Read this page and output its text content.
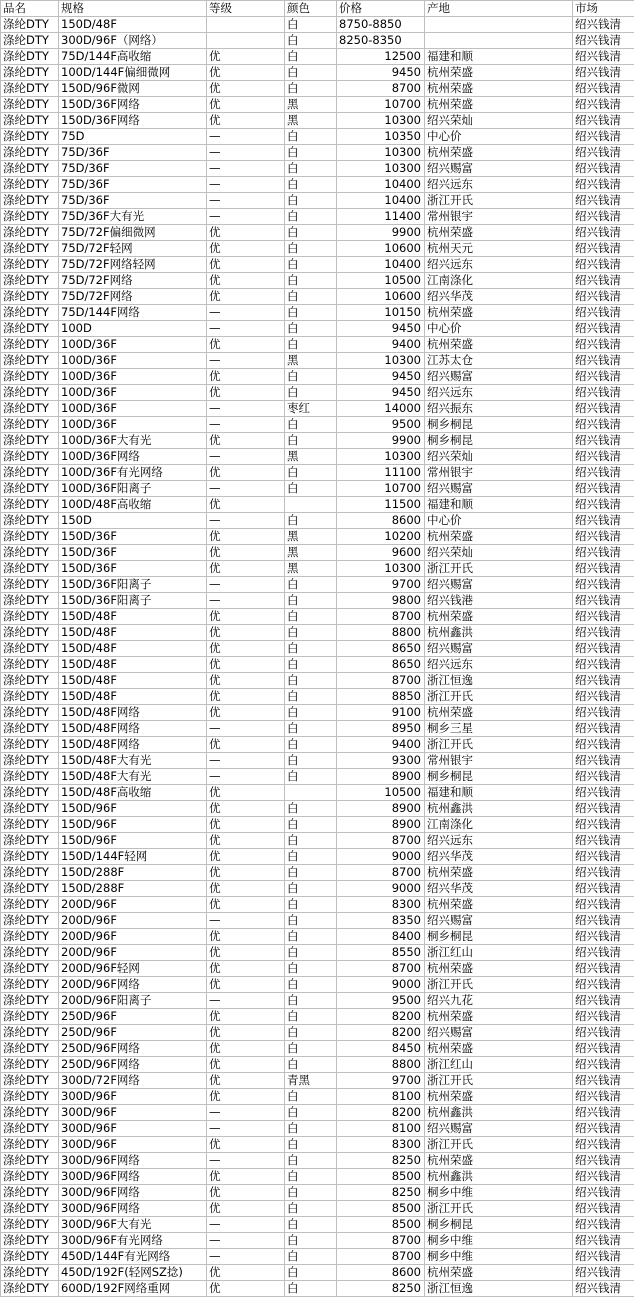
品名	规格	等级	颜色	价格	产地	市场
涤纶DTY	150D/48F		白	8750-8850		绍兴钱清
涤纶DTY	300D/96F（网络）		白	8250-8350		绍兴钱清
涤纶DTY	75D/144F高收缩	优	白	12500	福建和顺	绍兴钱清
涤纶DTY	100D/144F偏细微网	优	白	9450	杭州荣盛	绍兴钱清
涤纶DTY	150D/96F微网	优	白	8700	杭州荣盛	绍兴钱清
涤纶DTY	150D/36F网络	优	黑	10700	杭州荣盛	绍兴钱清
涤纶DTY	150D/36F网络	优	黑	10300	绍兴荣灿	绍兴钱清
涤纶DTY	75D	—	白	10350	中心价	绍兴钱清
涤纶DTY	75D/36F	—	白	10300	杭州荣盛	绍兴钱清
涤纶DTY	75D/36F	—	白	10300	绍兴赐富	绍兴钱清
涤纶DTY	75D/36F	—	白	10400	绍兴远东	绍兴钱清
涤纶DTY	75D/36F	—	白	10400	浙江开氏	绍兴钱清
涤纶DTY	75D/36F大有光	—	白	11400	常州银宇	绍兴钱清
涤纶DTY	75D/72F偏细微网	优	白	9900	杭州荣盛	绍兴钱清
涤纶DTY	75D/72F轻网	优	白	10600	杭州天元	绍兴钱清
涤纶DTY	75D/72F网络轻网	优	白	10400	绍兴远东	绍兴钱清
涤纶DTY	75D/72F网络	优	白	10500	江南涤化	绍兴钱清
涤纶DTY	75D/72F网络	优	白	10600	绍兴华茂	绍兴钱清
涤纶DTY	75D/144F网络	—	白	10150	杭州荣盛	绍兴钱清
涤纶DTY	100D	—	白	9450	中心价	绍兴钱清
涤纶DTY	100D/36F	优	白	9400	杭州荣盛	绍兴钱清
涤纶DTY	100D/36F	—	黑	10300	江苏太仓	绍兴钱清
涤纶DTY	100D/36F	优	白	9450	绍兴赐富	绍兴钱清
涤纶DTY	100D/36F	优	白	9450	绍兴远东	绍兴钱清
涤纶DTY	100D/36F	—	枣红	14000	绍兴振东	绍兴钱清
涤纶DTY	100D/36F	—	白	9500	桐乡桐昆	绍兴钱清
涤纶DTY	100D/36F大有光	优	白	9900	桐乡桐昆	绍兴钱清
涤纶DTY	100D/36F网络	—	黑	10300	绍兴荣灿	绍兴钱清
涤纶DTY	100D/36F有光网络	优	白	11100	常州银宇	绍兴钱清
涤纶DTY	100D/36F阳离子	—	白	10700	绍兴赐富	绍兴钱清
涤纶DTY	100D/48F高收缩	优		11500	福建和顺	绍兴钱清
涤纶DTY	150D	—	白	8600	中心价	绍兴钱清
涤纶DTY	150D/36F	优	黑	10200	杭州荣盛	绍兴钱清
涤纶DTY	150D/36F	优	黑	9600	绍兴荣灿	绍兴钱清
涤纶DTY	150D/36F	优	黑	10300	浙江开氏	绍兴钱清
涤纶DTY	150D/36F阳离子	—	白	9700	绍兴赐富	绍兴钱清
涤纶DTY	150D/36F阳离子	—	白	9800	绍兴钱港	绍兴钱清
涤纶DTY	150D/48F	优	白	8700	杭州荣盛	绍兴钱清
涤纶DTY	150D/48F	优	白	8800	杭州鑫洪	绍兴钱清
涤纶DTY	150D/48F	优	白	8650	绍兴赐富	绍兴钱清
涤纶DTY	150D/48F	优	白	8650	绍兴远东	绍兴钱清
涤纶DTY	150D/48F	优	白	8700	浙江恒逸	绍兴钱清
涤纶DTY	150D/48F	优	白	8850	浙江开氏	绍兴钱清
涤纶DTY	150D/48F网络	优	白	9100	杭州荣盛	绍兴钱清
涤纶DTY	150D/48F网络	—	白	8950	桐乡三星	绍兴钱清
涤纶DTY	150D/48F网络	优	白	9400	浙江开氏	绍兴钱清
涤纶DTY	150D/48F大有光	—	白	9300	常州银宇	绍兴钱清
涤纶DTY	150D/48F大有光	—	白	8900	桐乡桐昆	绍兴钱清
涤纶DTY	150D/48F高收缩	优		10500	福建和顺	绍兴钱清
涤纶DTY	150D/96F	优	白	8900	杭州鑫洪	绍兴钱清
涤纶DTY	150D/96F	优	白	8900	江南涤化	绍兴钱清
涤纶DTY	150D/96F	优	白	8700	绍兴远东	绍兴钱清
涤纶DTY	150D/144F轻网	优	白	9000	绍兴华茂	绍兴钱清
涤纶DTY	150D/288F	优	白	8700	杭州荣盛	绍兴钱清
涤纶DTY	150D/288F	优	白	9000	绍兴华茂	绍兴钱清
涤纶DTY	200D/96F	优	白	8300	杭州荣盛	绍兴钱清
涤纶DTY	200D/96F	—	白	8350	绍兴赐富	绍兴钱清
涤纶DTY	200D/96F	优	白	8400	桐乡桐昆	绍兴钱清
涤纶DTY	200D/96F	优	白	8550	浙江红山	绍兴钱清
涤纶DTY	200D/96F轻网	优	白	8700	杭州荣盛	绍兴钱清
涤纶DTY	200D/96F网络	优	白	9000	浙江开氏	绍兴钱清
涤纶DTY	200D/96F阳离子	—	白	9500	绍兴九花	绍兴钱清
涤纶DTY	250D/96F	优	白	8200	杭州荣盛	绍兴钱清
涤纶DTY	250D/96F	优	白	8200	绍兴赐富	绍兴钱清
涤纶DTY	250D/96F网络	优	白	8450	杭州荣盛	绍兴钱清
涤纶DTY	250D/96F网络	优	白	8800	浙江红山	绍兴钱清
涤纶DTY	300D/72F网络	优	青黑	9700	浙江开氏	绍兴钱清
涤纶DTY	300D/96F	优	白	8100	杭州荣盛	绍兴钱清
涤纶DTY	300D/96F	—	白	8200	杭州鑫洪	绍兴钱清
涤纶DTY	300D/96F	—	白	8100	绍兴赐富	绍兴钱清
涤纶DTY	300D/96F	优	白	8300	浙江开氏	绍兴钱清
涤纶DTY	300D/96F网络	—	白	8250	杭州荣盛	绍兴钱清
涤纶DTY	300D/96F网络	优	白	8500	杭州鑫洪	绍兴钱清
涤纶DTY	300D/96F网络	优	白	8250	桐乡中维	绍兴钱清
涤纶DTY	300D/96F网络	优	白	8500	浙江开氏	绍兴钱清
涤纶DTY	300D/96F大有光	—	白	8500	桐乡桐昆	绍兴钱清
涤纶DTY	300D/96F有光网络	—	白	8700	桐乡中维	绍兴钱清
涤纶DTY	450D/144F有光网络	—	白	8700	桐乡中维	绍兴钱清
涤纶DTY	450D/192F(轻网SZ捻)	优	白	8600	杭州荣盛	绍兴钱清
涤纶DTY	600D/192F网络重网	优	白	8250	浙江恒逸	绍兴钱清
